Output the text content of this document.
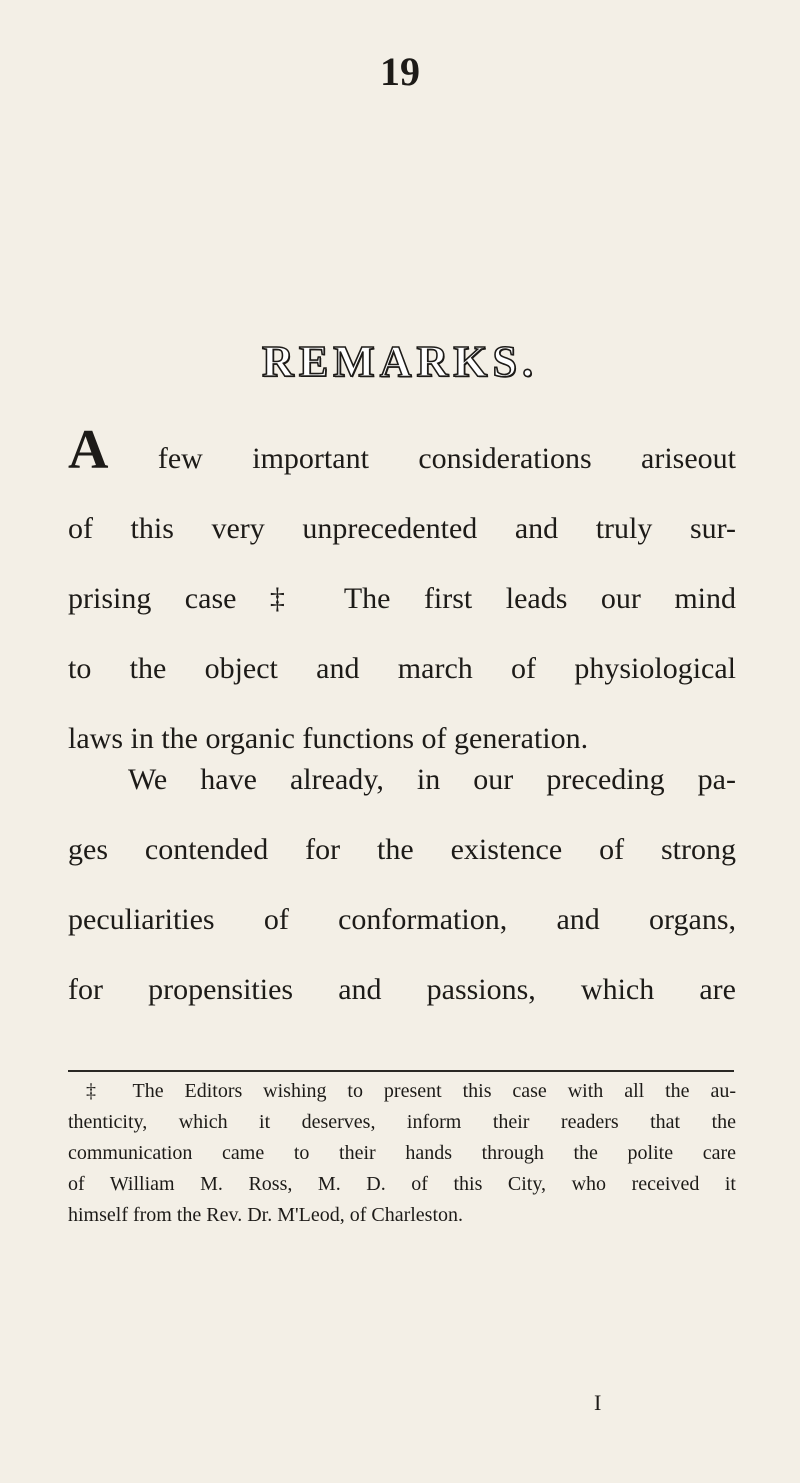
19
REMARKS.
A few important considerations ariseout
of this very unprecedented and truly sur-
prising case ‡ The first leads our mind
to the object and march of physiological
laws in the organic functions of generation.
We have already, in our preceding pa-
ges contended for the existence of strong
peculiarities of conformation, and organs,
for propensities and passions, which are
‡ The Editors wishing to present this case with all the au-
thenticity, which it deserves, inform their readers that the
communication came to their hands through the polite care
of William M. Ross, M. D. of this City, who received it
himself from the Rev. Dr. M'Leod, of Charleston.
I
